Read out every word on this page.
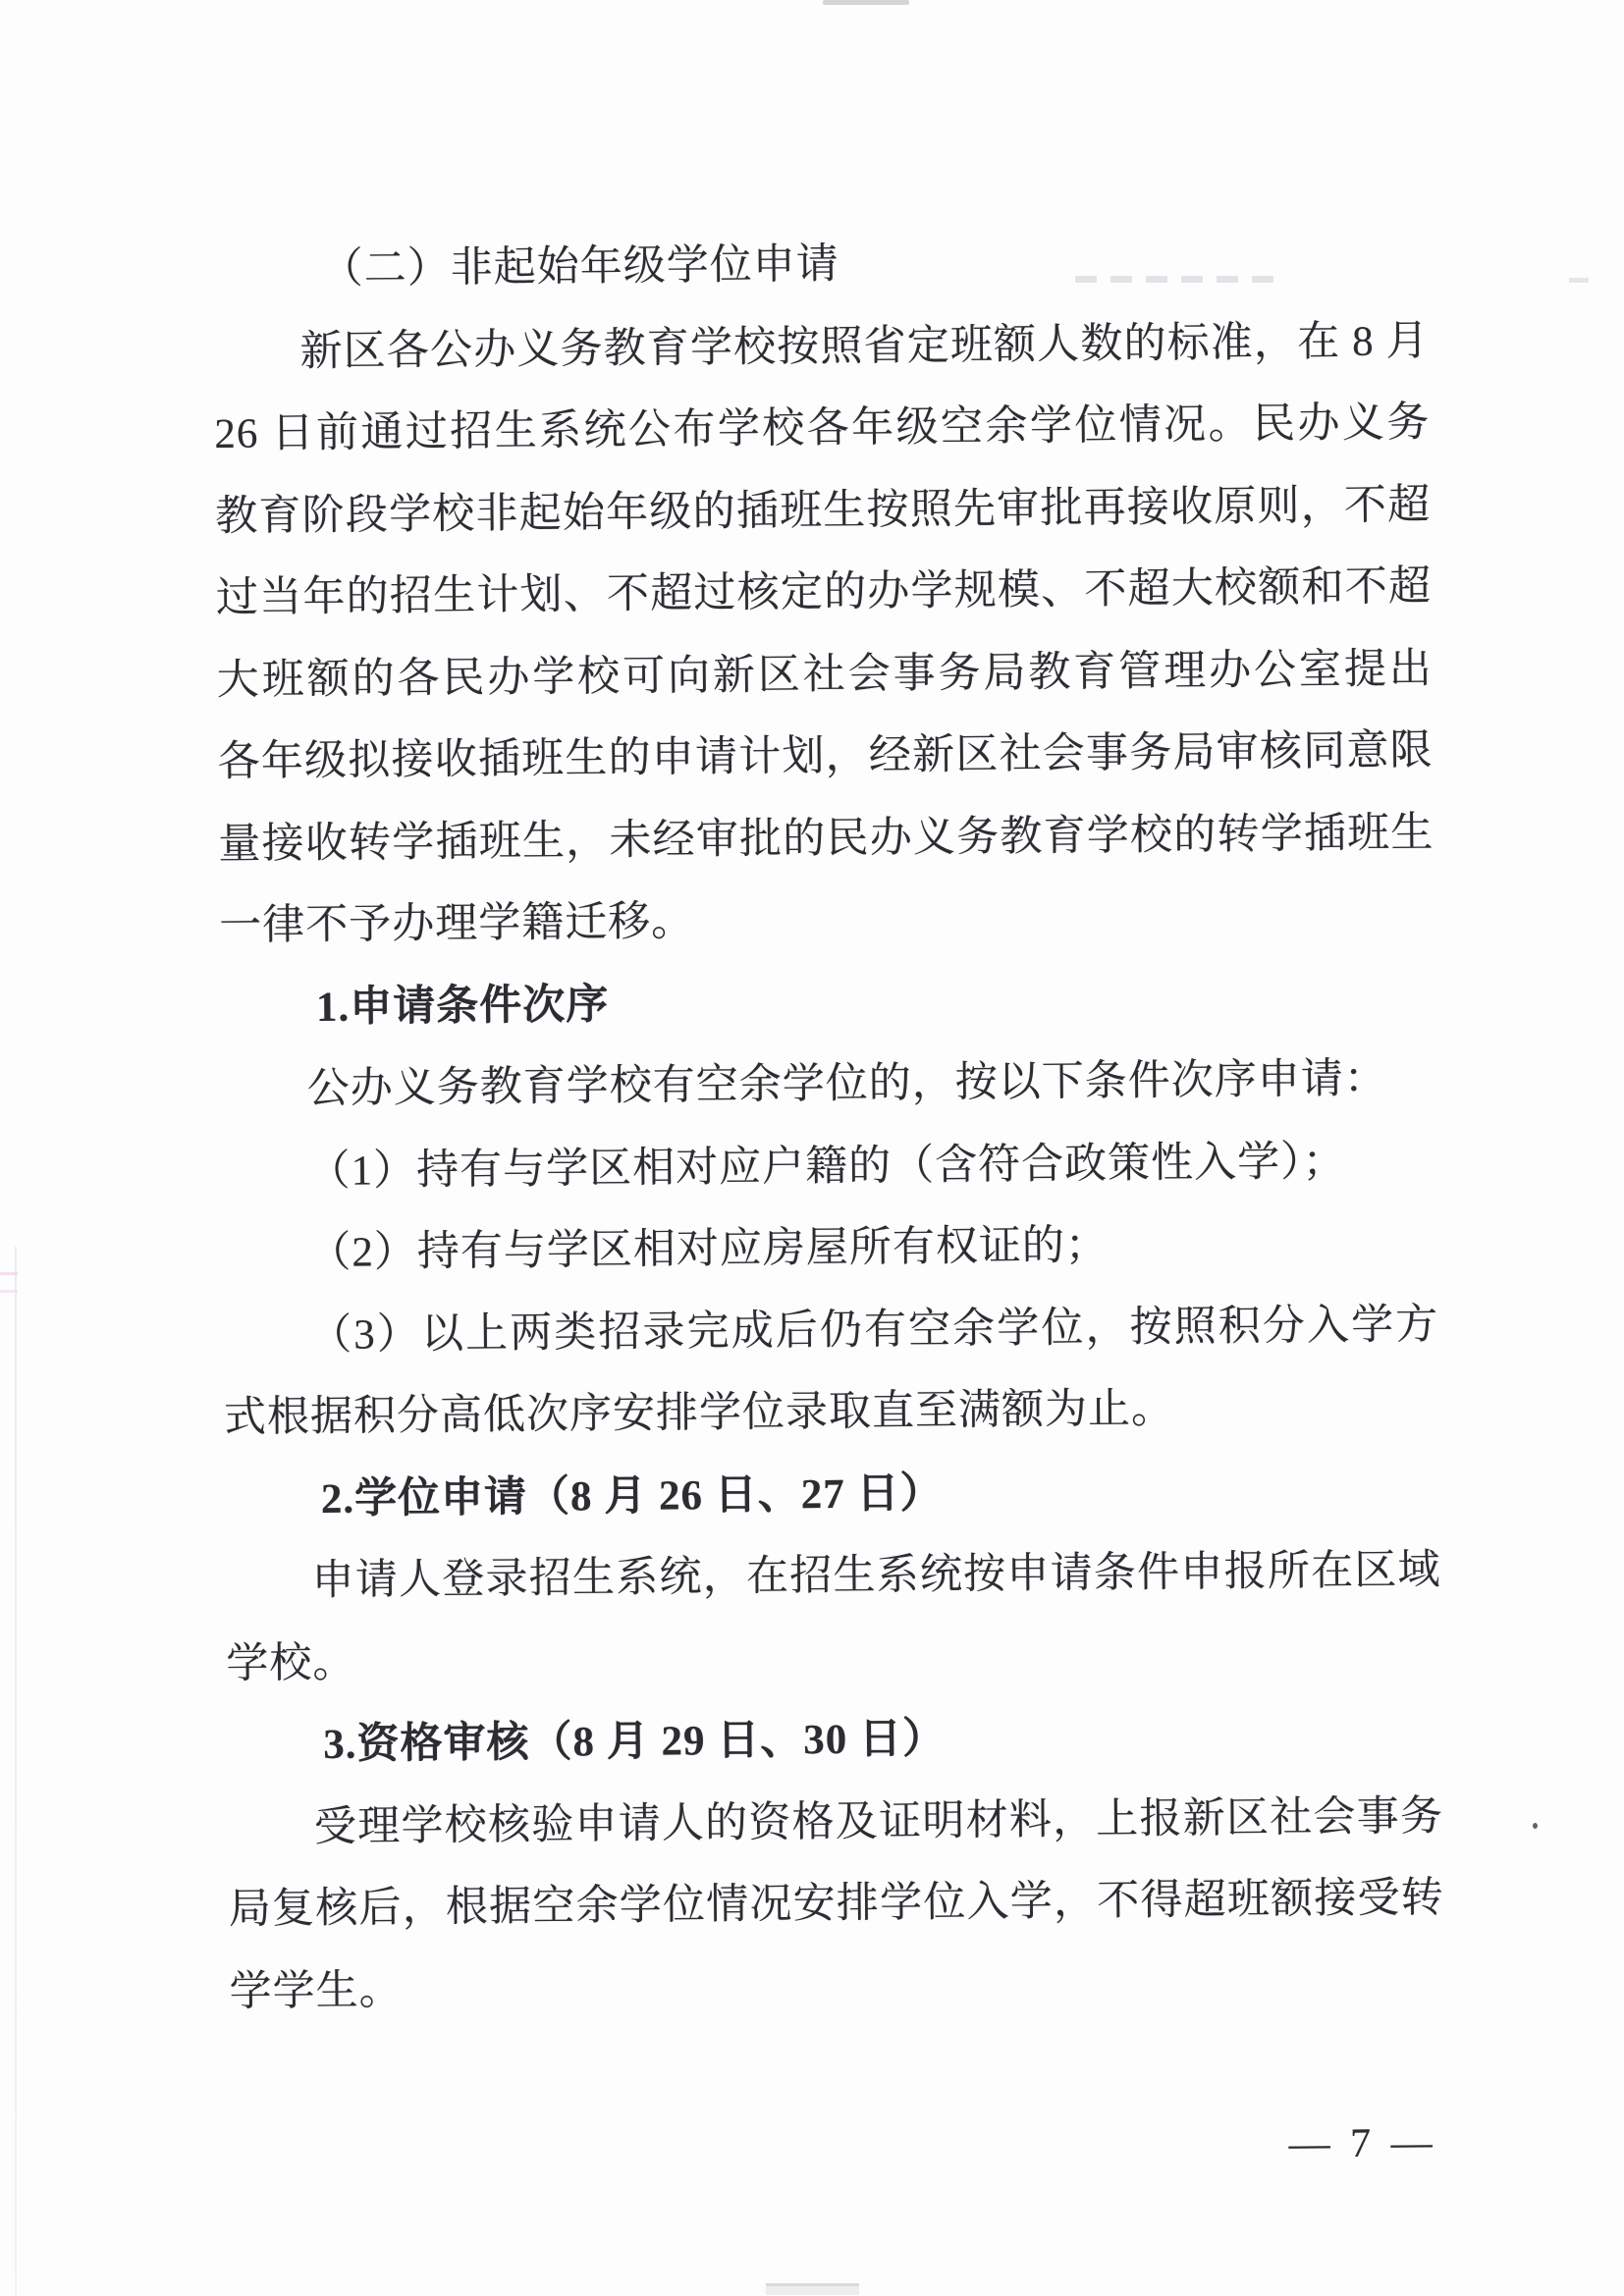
（二）非起始年级学位申请
新区各公办义务教育学校按照省定班额人数的标准，在 8 月
26 日前通过招生系统公布学校各年级空余学位情况。民办义务
教育阶段学校非起始年级的插班生按照先审批再接收原则，不超
过当年的招生计划、不超过核定的办学规模、不超大校额和不超
大班额的各民办学校可向新区社会事务局教育管理办公室提出
各年级拟接收插班生的申请计划，经新区社会事务局审核同意限
量接收转学插班生，未经审批的民办义务教育学校的转学插班生
一律不予办理学籍迁移。
1.申请条件次序
公办义务教育学校有空余学位的，按以下条件次序申请：
（1）持有与学区相对应户籍的（含符合政策性入学）；
（2）持有与学区相对应房屋所有权证的；
（3）以上两类招录完成后仍有空余学位，按照积分入学方
式根据积分高低次序安排学位录取直至满额为止。
2.学位申请（8 月 26 日、27 日）
申请人登录招生系统，在招生系统按申请条件申报所在区域
学校。
3.资格审核（8 月 29 日、30 日）
受理学校核验申请人的资格及证明材料，上报新区社会事务
局复核后，根据空余学位情况安排学位入学，不得超班额接受转
学学生。
— 7 —
